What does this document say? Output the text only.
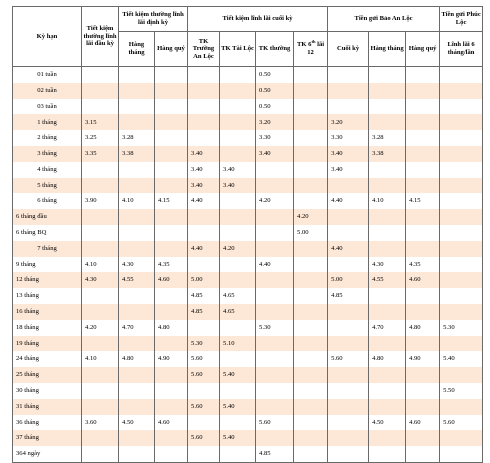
Kỳ hạn	Tiết kiệm thường lĩnh lãi đầu kỳ	Tiết kiệm thường lĩnh lãi định kỳ		Tiết kiệm lĩnh lãi cuối kỳ				Tiền gửi Bảo An Lộc			Tiền gửi Phúc Lộc
		Hàng tháng	Hàng quý	TK Trường An Lộc	TK Tài Lộc	TK thường	TK 6th lãi 12	Cuối kỳ	Hàng tháng	Hàng quý	Lĩnh lãi 6 tháng/lần
01 tuần						0.50					
02 tuần						0.50					
03 tuần						0.50					
1 tháng	3.15					3.20		3.20			
2 tháng	3.25	3.28				3.30		3.30	3.28		
3 tháng	3.35	3.38		3.40		3.40		3.40	3.38		
4 tháng				3.40	3.40			3.40			
5 tháng				3.40	3.40						
6 tháng	3.90	4.10	4.15	4.40		4.20		4.40	4.10	4.15	
6 tháng đầu							4.20				
6 tháng BQ							5.00				
7 tháng				4.40	4.20			4.40			
9 tháng	4.10	4.30	4.35			4.40			4.30	4.35	
12 tháng	4.30	4.55	4.60	5.00				5.00	4.55	4.60	
13 tháng				4.85	4.65			4.85			
16 tháng				4.85	4.65						
18 tháng	4.20	4.70	4.80			5.30			4.70	4.80	5.30
19 tháng				5.30	5.10						
24 tháng	4.10	4.80	4.90	5.60				5.60	4.80	4.90	5.40
25 tháng				5.60	5.40						
30 tháng											5.50
31 tháng				5.60	5.40						
36 tháng	3.60	4.50	4.60			5.60			4.50	4.60	5.60
37 tháng				5.60	5.40						
364 ngày						4.85					
